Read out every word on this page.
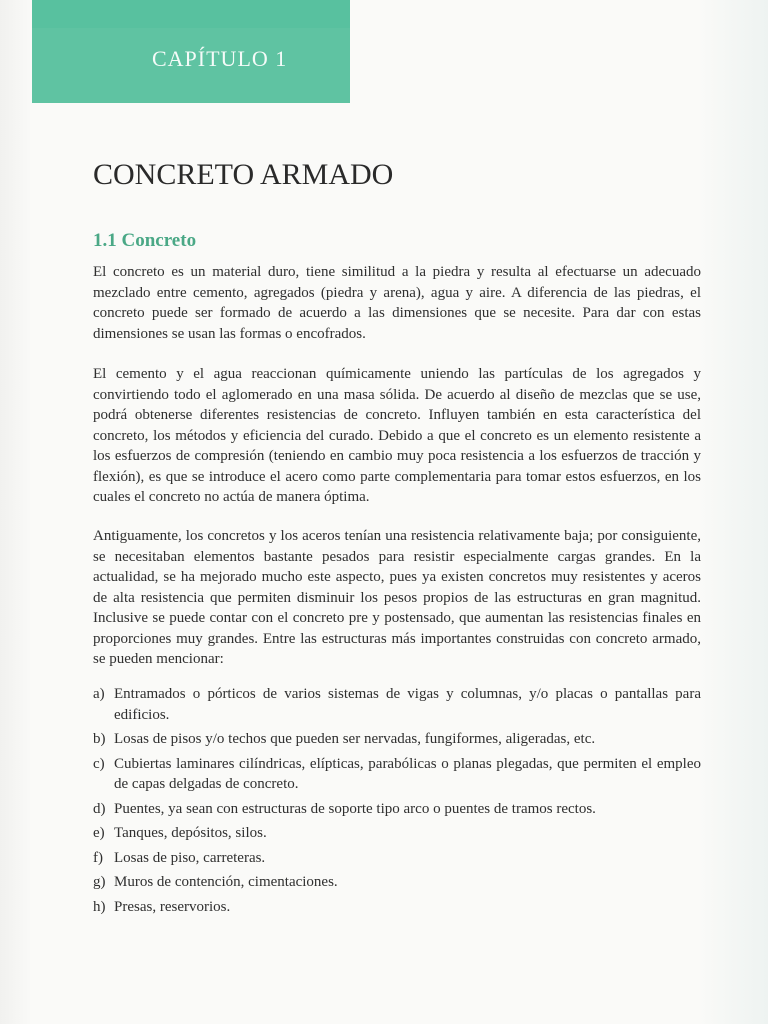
CAPÍTULO 1
CONCRETO ARMADO
1.1 Concreto

El concreto es un material duro, tiene similitud a la piedra y resulta al efectuarse un adecuado mezclado entre cemento, agregados (piedra y arena), agua y aire. A diferencia de las piedras, el concreto puede ser formado de acuerdo a las dimensiones que se necesite. Para dar con estas dimensiones se usan las formas o encofrados.

El cemento y el agua reaccionan químicamente uniendo las partículas de los agregados y convirtiendo todo el aglomerado en una masa sólida. De acuerdo al diseño de mezclas que se use, podrá obtenerse diferentes resistencias de concreto. Influyen también en esta característica del concreto, los métodos y eficiencia del curado. Debido a que el concreto es un elemento resistente a los esfuerzos de compresión (teniendo en cambio muy poca resistencia a los esfuerzos de tracción y flexión), es que se introduce el acero como parte complementaria para tomar estos esfuerzos, en los cuales el concreto no actúa de manera óptima.

Antiguamente, los concretos y los aceros tenían una resistencia relativamente baja; por consiguiente, se necesitaban elementos bastante pesados para resistir especialmente cargas grandes. En la actualidad, se ha mejorado mucho este aspecto, pues ya existen concretos muy resistentes y aceros de alta resistencia que permiten disminuir los pesos propios de las estructuras en gran magnitud. Inclusive se puede contar con el concreto pre y postensado, que aumentan las resistencias finales en proporciones muy grandes. Entre las estructuras más importantes construidas con concreto armado, se pueden mencionar:

a) Entramados o pórticos de varios sistemas de vigas y columnas, y/o placas o pantallas para edificios.
b) Losas de pisos y/o techos que pueden ser nervadas, fungiformes, aligeradas, etc.
c) Cubiertas laminares cilíndricas, elípticas, parabólicas o planas plegadas, que permiten el empleo de capas delgadas de concreto.
d) Puentes, ya sean con estructuras de soporte tipo arco o puentes de tramos rectos.
e) Tanques, depósitos, silos.
f) Losas de piso, carreteras.
g) Muros de contención, cimentaciones.
h) Presas, reservorios.
